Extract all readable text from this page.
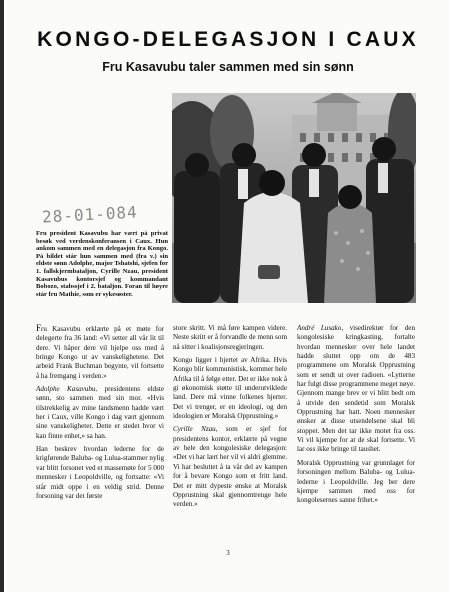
KONGO-DELEGASJON I CAUX
Fru Kasavubu taler sammen med sin sønn
28-01-084

Fru president Kasavubu har vært på privat besøk ved verdenskonferansen i Caux. Hun ankom sammen med en delegasjon fra Kongo. På bildet står hun sammen med (fra v.) sin eldste sønn Adolphe, major Tshatshi, sjefen for 1. fallskjermbataljon, Cyrille Nzau, president Kasavubus kontorsjef og kommandant Bobozo, stabssjef i 2. bataljon. Foran til høyre står fru Mathie, som er sykesøster.

Fru Kasavubu erklærte på et møte for delegerte fra 36 land: «Vi setter all vår lit til dere. Vi håper dere vil hjelpe oss med å bringe Kongo ut av vanskelighetene. Det arbeid Frank Buchman begynte, vil fortsette å ha fremgang i verden.»

Adolphe Kasavubu, presidentens eldste sønn, sto sammen med sin mor. «Hvis tilstrekkelig av mine landsmenn hadde vært her i Caux, ville Kongo i dag vært gjennom sine vanskeligheter. Dette er stedet hvor vi kan finne enhet,» sa han.

Han beskrev hvordan lederne for de krigførende Baluba- og Lulua-stammer nylig var blitt forsonet ved et massemøte for 5 000 mennesker i Leopoldville, og fortsatte: «Vi står midt oppe i en veldig strid. Denne forsoning var det første

store skritt. Vi må føre kampen videre. Neste skritt er å forvandle de menn som nå sitter i koalisjonsregjeringen.

Kongo ligger i hjertet av Afrika. Hvis Kongo blir kommunistisk, kommer hele Afrika til å følge etter. Det er ikke nok å gi økonomisk støtte til underutviklede land. Dere må vinne folkenes hjerter. Det vi trenger, er en ideologi, og den ideologien er Moralsk Opprustning.»

Cyrille Nzau, som er sjef for presidentens kontor, erklærte på vegne av hele den kongolesiske delegasjon: «Det vi har lært her vil vi aldri glemme. Vi har besluttet å ta vår del av kampen for å bevare Kongo som et fritt land. Det er mitt dypeste ønske at Moralsk Opprustning skal gjennomtrenge hele verden.»

André Lusako, visedirektør for den kongolesiske kringkasting, fortalte hvordan mennesker over hele landet hadde sluttet opp om de 483 programmene om Moralsk Opprustning som er sendt ut over radioen. «Lytterne har fulgt disse programmene meget nøye. Gjennom mange brev er vi blitt bedt om å utvide den sendetid som Moralsk Opprustning har hatt. Noen mennesker ønsker at disse utsendelsene skal bli stoppet. Men det tar ikke motet fra oss. Vi vil kjempe for at de skal fortsette. Vi lar oss ikke bringe til taushet.

Moralsk Opprustning var grunnlaget for forsoningen mellom Baluba- og Lulua-lederne i Leopoldville. Jeg ber dere kjempe sammen med oss for kongolesernes sanne frihet.»

3
